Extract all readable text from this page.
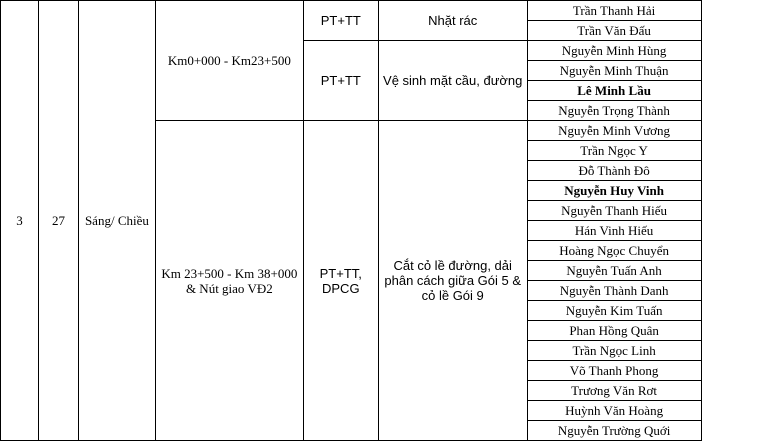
3	27	Sáng/ Chiều	Km0+000 - Km23+500	PT+TT	Nhặt rác	Trần Thanh Hải	
						Trần Văn Đấu	
				PT+TT	Vệ sinh mặt cầu, đường	Nguyễn Minh Hùng	
						Nguyễn Minh Thuận	
						Lê Minh Lầu	
						Nguyễn Trọng Thành	
			Km 23+500 - Km 38+000 & Nút giao VĐ2	PT+TT, DPCG	Cắt cỏ lề đường, dải phân cách giữa Gói 5 & cỏ lề Gói 9	Nguyễn Minh Vương	
						Trần Ngọc Y	
						Đỗ Thành Đô	
						Nguyễn Huy Vinh	
						Nguyễn Thanh Hiếu	
						Hán Vinh Hiếu	
						Hoàng Ngọc Chuyển	
						Nguyễn Tuấn Anh	
						Nguyễn Thành Danh	
						Nguyễn Kim Tuấn	
						Phan Hồng Quân	
						Trần Ngọc Linh	
						Võ Thanh Phong	
						Trương Văn Rơt	
						Huỳnh Văn Hoàng	
						Nguyễn Trường Quới	
